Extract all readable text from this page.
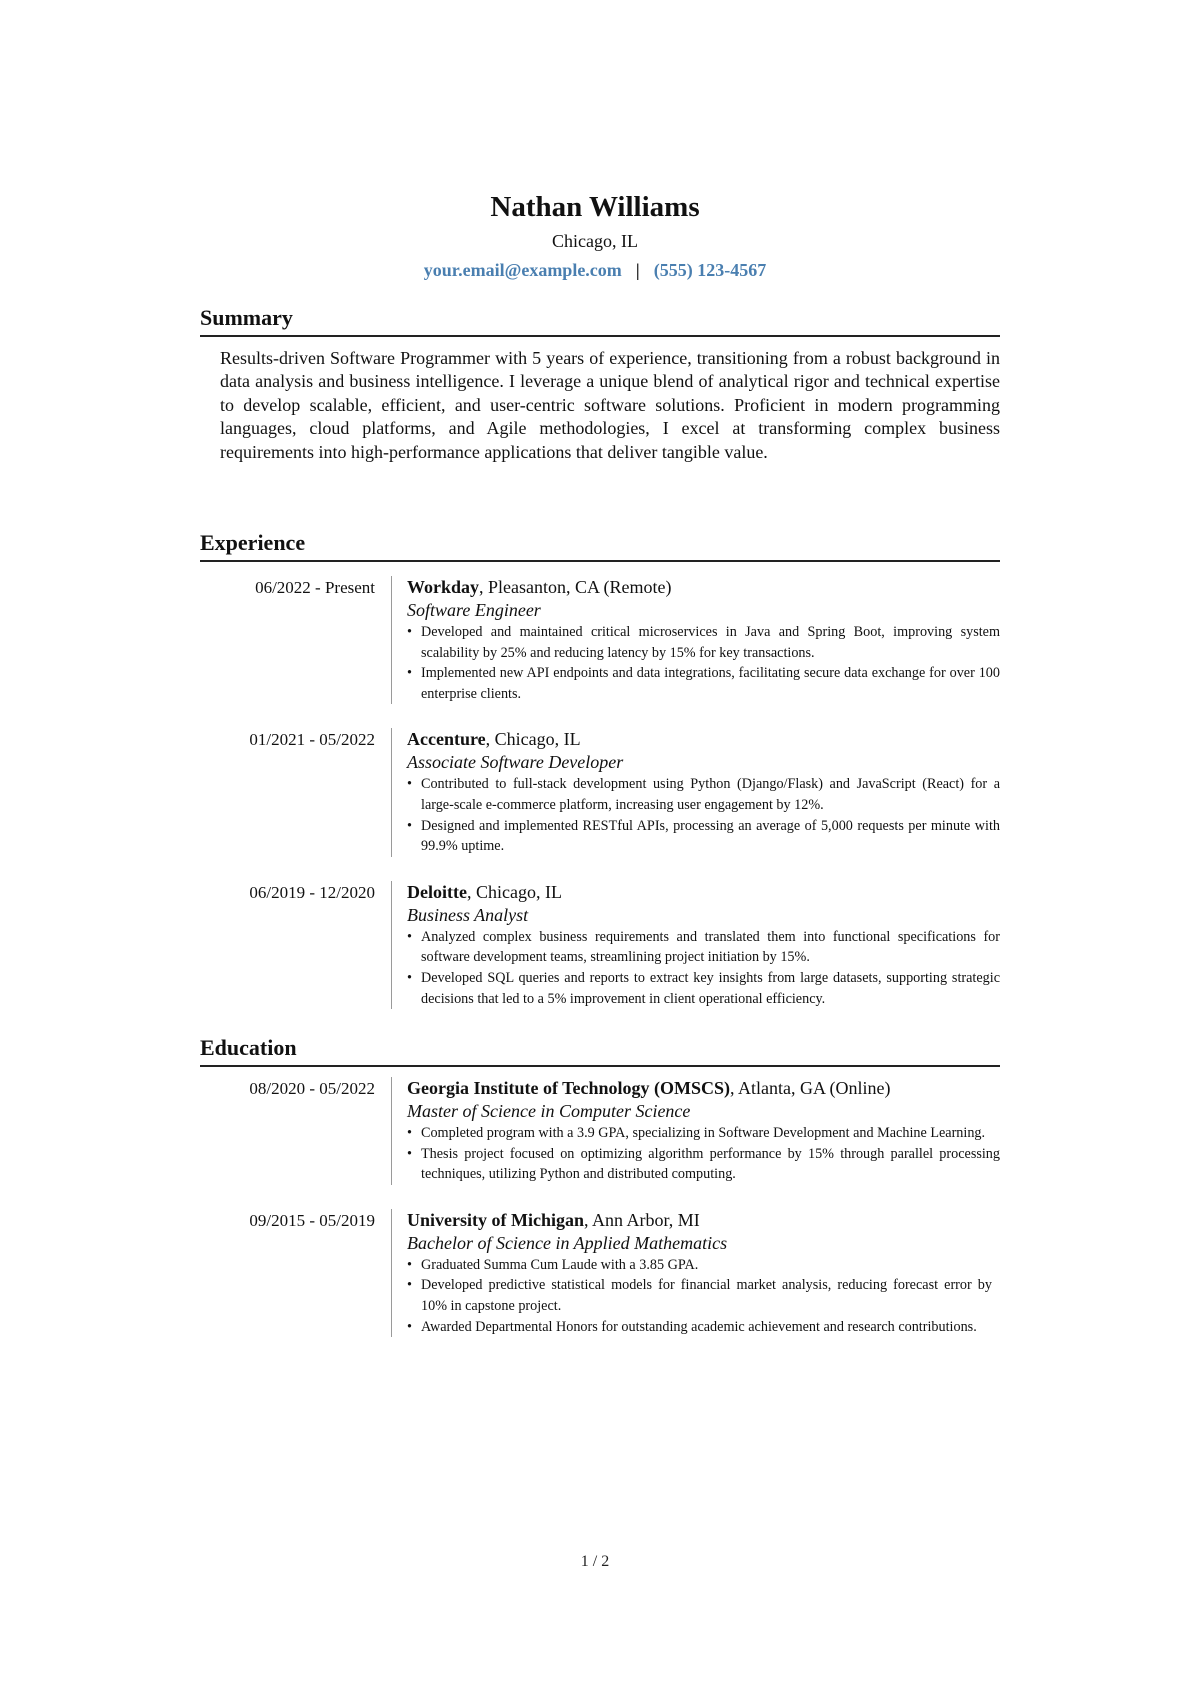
Nathan Williams
Chicago, IL
your.email@example.com | (555) 123-4567
Summary

Results-driven Software Programmer with 5 years of experience, transitioning from a robust background in data analysis and business intelligence. I leverage a unique blend of analytical rigor and technical expertise to develop scalable, efficient, and user-centric software solutions. Proficient in modern programming languages, cloud platforms, and Agile methodologies, I excel at transforming complex business requirements into high-performance applications that deliver tangible value.

Experience
06/2022 - Present	Workday, Pleasanton, CA (Remote)
Software Engineer
• Developed and maintained critical microservices in Java and Spring Boot, improving system scalability by 25% and reducing latency by 15% for key transactions.
• Implemented new API endpoints and data integrations, facilitating secure data exchange for over 100 enterprise clients.
01/2021 - 05/2022	Accenture, Chicago, IL
Associate Software Developer
• Contributed to full-stack development using Python (Django/Flask) and JavaScript (React) for a large-scale e-commerce platform, increasing user engagement by 12%.
• Designed and implemented RESTful APIs, processing an average of 5,000 requests per minute with 99.9% uptime.
06/2019 - 12/2020	Deloitte, Chicago, IL
Business Analyst
• Analyzed complex business requirements and translated them into functional specifications for software development teams, streamlining project initiation by 15%.
• Developed SQL queries and reports to extract key insights from large datasets, supporting strategic decisions that led to a 5% improvement in client operational efficiency.
Education
08/2020 - 05/2022	Georgia Institute of Technology (OMSCS), Atlanta, GA (Online)
Master of Science in Computer Science
• Completed program with a 3.9 GPA, specializing in Software Development and Machine Learning.
• Thesis project focused on optimizing algorithm performance by 15% through parallel processing techniques, utilizing Python and distributed computing.
09/2015 - 05/2019	University of Michigan, Ann Arbor, MI
Bachelor of Science in Applied Mathematics
• Graduated Summa Cum Laude with a 3.85 GPA.
• Developed predictive statistical models for financial market analysis, reducing forecast error by 10% in capstone project.
• Awarded Departmental Honors for outstanding academic achievement and research contributions.
1 / 2
